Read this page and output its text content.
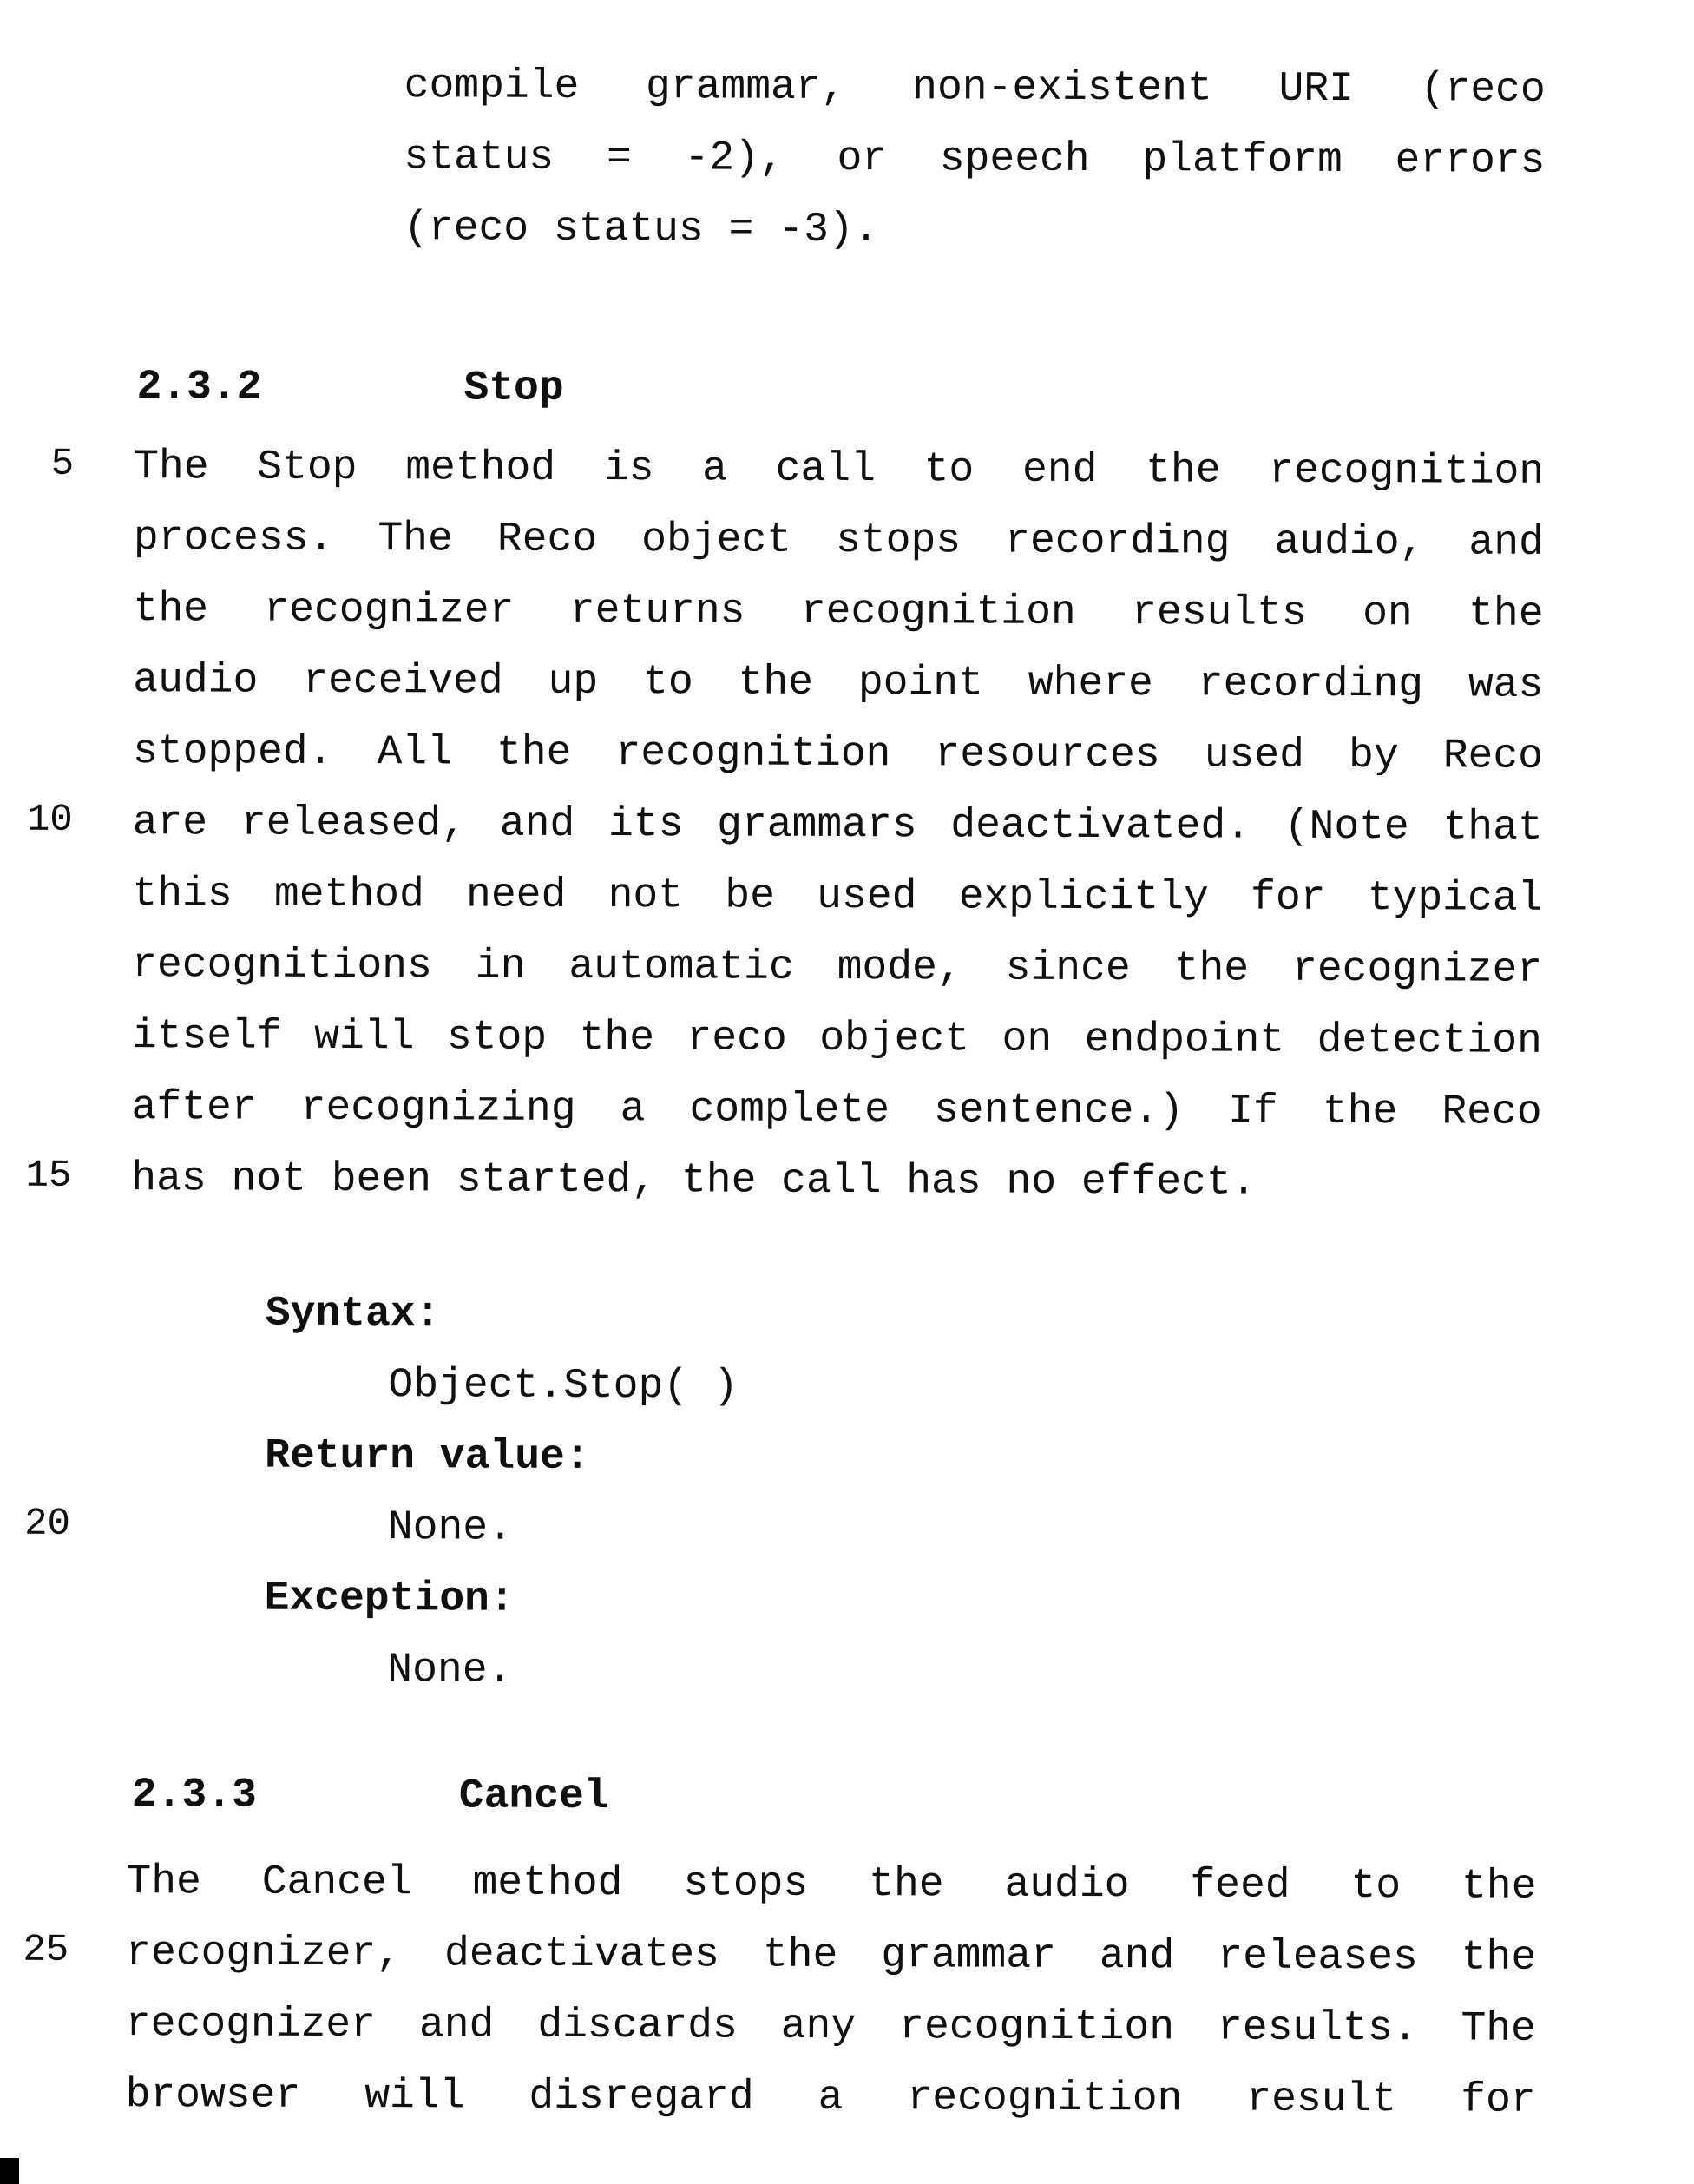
5
10
15
20
25
compile grammar, non-existent URI (reco
status = -2), or speech platform errors
(reco status = -3).
2.3.2	Stop
The Stop method is a call to end the recognition
process. The Reco object stops recording audio, and
the recognizer returns recognition results on the
audio received up to the point where recording was
stopped. All the recognition resources used by Reco
are released, and its grammars deactivated. (Note that
this method need not be used explicitly for typical
recognitions in automatic mode, since the recognizer
itself will stop the reco object on endpoint detection
after recognizing a complete sentence.) If the Reco
has not been started, the call has no effect.
Syntax:
Object.Stop( )
Return value:
None.
Exception:
None.
2.3.3	Cancel
The Cancel method stops the audio feed to the
recognizer, deactivates the grammar and releases the
recognizer and discards any recognition results. The
browser will disregard a recognition result for
